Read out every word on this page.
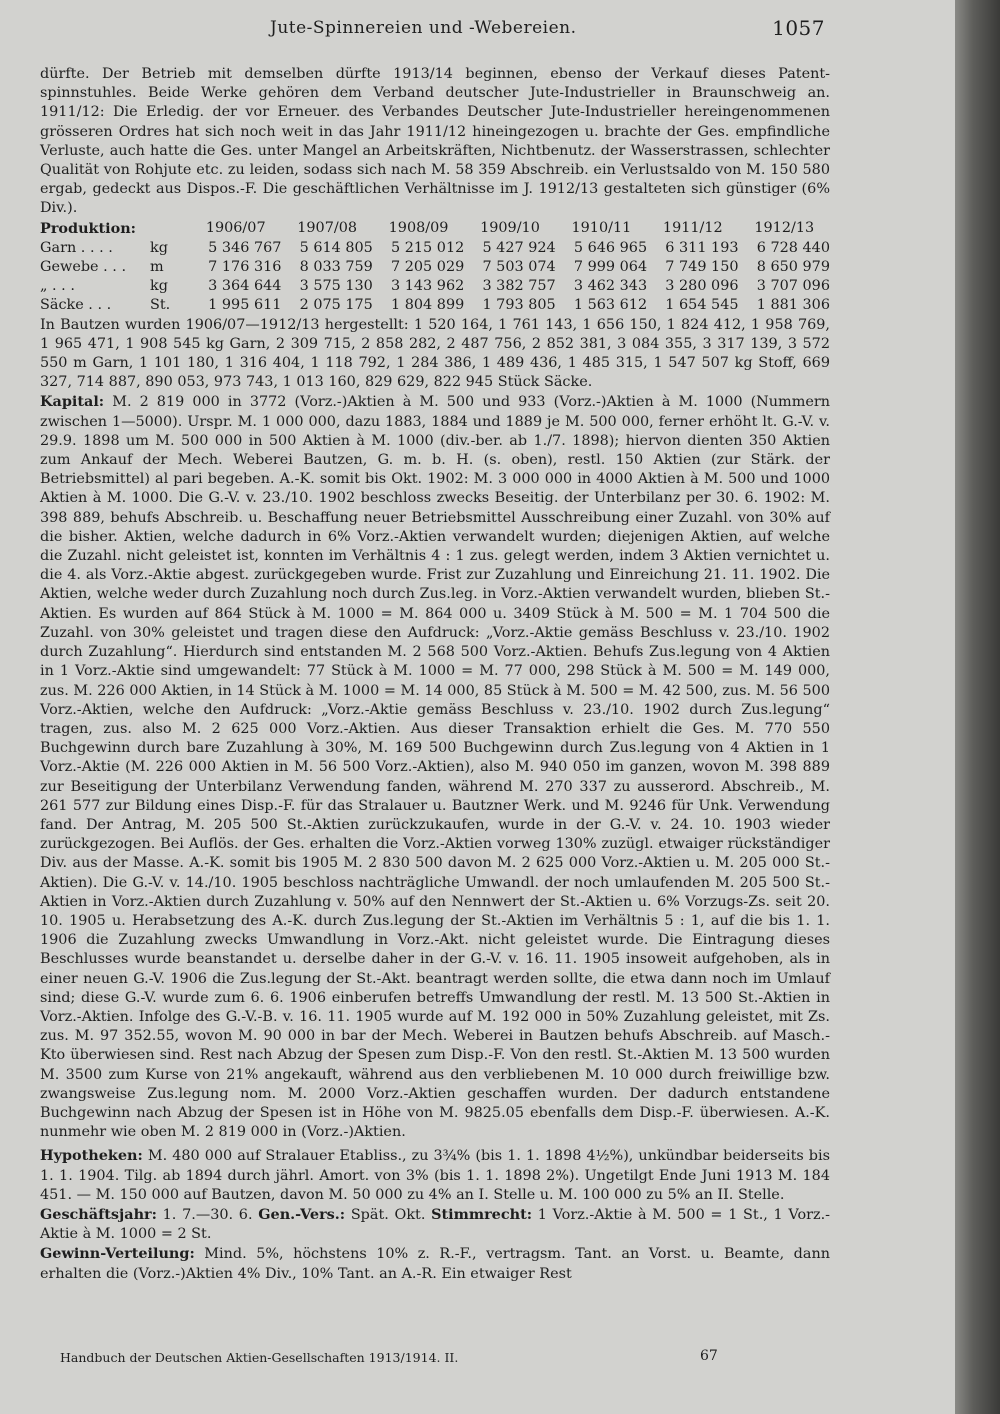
Jute-Spinnereien und -Webereien.	1057

dürfte. Der Betrieb mit demselben dürfte 1913/14 beginnen, ebenso der Verkauf dieses Patent-spinnstuhles. Beide Werke gehören dem Verband deutscher Jute-Industrieller in Braunschweig an. 1911/12: Die Erledig. der vor Erneuer. des Verbandes Deutscher Jute-Industrieller hereingenommenen grösseren Ordres hat sich noch weit in das Jahr 1911/12 hineingezogen u. brachte der Ges. empfindliche Verluste, auch hatte die Ges. unter Mangel an Arbeitskräften, Nichtbenutz. der Wasserstrassen, schlechter Qualität von Rohjute etc. zu leiden, sodass sich nach M. 58 359 Abschreib. ein Verlustsaldo von M. 150 580 ergab, gedeckt aus Dispos.-F. Die geschäftlichen Verhältnisse im J. 1912/13 gestalteten sich günstiger (6% Div.).

Produktion:		1906/07	1907/08	1908/09	1909/10	1910/11	1911/12	1912/13
Garn . . . .	kg	5 346 767	5 614 805	5 215 012	5 427 924	5 646 965	6 311 193	6 728 440
Gewebe . . .	m	7 176 316	8 033 759	7 205 029	7 503 074	7 999 064	7 749 150	8 650 979
„ . . .	kg	3 364 644	3 575 130	3 143 962	3 382 757	3 462 343	3 280 096	3 707 096
Säcke . . .	St.	1 995 611	2 075 175	1 804 899	1 793 805	1 563 612	1 654 545	1 881 306

In Bautzen wurden 1906/07—1912/13 hergestellt: 1 520 164, 1 761 143, 1 656 150, 1 824 412, 1 958 769, 1 965 471, 1 908 545 kg Garn, 2 309 715, 2 858 282, 2 487 756, 2 852 381, 3 084 355, 3 317 139, 3 572 550 m Garn, 1 101 180, 1 316 404, 1 118 792, 1 284 386, 1 489 436, 1 485 315, 1 547 507 kg Stoff, 669 327, 714 887, 890 053, 973 743, 1 013 160, 829 629, 822 945 Stück Säcke.

Kapital: M. 2 819 000 in 3772 (Vorz.-)Aktien à M. 500 und 933 (Vorz.-)Aktien à M. 1000 (Nummern zwischen 1—5000). Urspr. M. 1 000 000, dazu 1883, 1884 und 1889 je M. 500 000, ferner erhöht lt. G.-V. v. 29.9. 1898 um M. 500 000 in 500 Aktien à M. 1000 (div.-ber. ab 1./7. 1898); hiervon dienten 350 Aktien zum Ankauf der Mech. Weberei Bautzen, G. m. b. H. (s. oben), restl. 150 Aktien (zur Stärk. der Betriebsmittel) al pari begeben. A.-K. somit bis Okt. 1902: M. 3 000 000 in 4000 Aktien à M. 500 und 1000 Aktien à M. 1000. Die G.-V. v. 23./10. 1902 beschloss zwecks Beseitig. der Unterbilanz per 30. 6. 1902: M. 398 889, behufs Abschreib. u. Beschaffung neuer Betriebsmittel Ausschreibung einer Zuzahl. von 30% auf die bisher. Aktien, welche dadurch in 6% Vorz.-Aktien verwandelt wurden; diejenigen Aktien, auf welche die Zuzahl. nicht geleistet ist, konnten im Verhältnis 4 : 1 zus. gelegt werden, indem 3 Aktien vernichtet u. die 4. als Vorz.-Aktie abgest. zurückgegeben wurde. Frist zur Zuzahlung und Einreichung 21. 11. 1902. Die Aktien, welche weder durch Zuzahlung noch durch Zus.leg. in Vorz.-Aktien verwandelt wurden, blieben St.-Aktien. Es wurden auf 864 Stück à M. 1000 = M. 864 000 u. 3409 Stück à M. 500 = M. 1 704 500 die Zuzahl. von 30% geleistet und tragen diese den Aufdruck: „Vorz.-Aktie gemäss Beschluss v. 23./10. 1902 durch Zuzahlung“. Hierdurch sind entstanden M. 2 568 500 Vorz.-Aktien. Behufs Zus.legung von 4 Aktien in 1 Vorz.-Aktie sind umgewandelt: 77 Stück à M. 1000 = M. 77 000, 298 Stück à M. 500 = M. 149 000, zus. M. 226 000 Aktien, in 14 Stück à M. 1000 = M. 14 000, 85 Stück à M. 500 = M. 42 500, zus. M. 56 500 Vorz.-Aktien, welche den Aufdruck: „Vorz.-Aktie gemäss Beschluss v. 23./10. 1902 durch Zus.legung“ tragen, zus. also M. 2 625 000 Vorz.-Aktien. Aus dieser Transaktion erhielt die Ges. M. 770 550 Buchgewinn durch bare Zuzahlung à 30%, M. 169 500 Buchgewinn durch Zus.legung von 4 Aktien in 1 Vorz.-Aktie (M. 226 000 Aktien in M. 56 500 Vorz.-Aktien), also M. 940 050 im ganzen, wovon M. 398 889 zur Beseitigung der Unterbilanz Verwendung fanden, während M. 270 337 zu ausserord. Abschreib., M. 261 577 zur Bildung eines Disp.-F. für das Stralauer u. Bautzner Werk. und M. 9246 für Unk. Verwendung fand. Der Antrag, M. 205 500 St.-Aktien zurückzukaufen, wurde in der G.-V. v. 24. 10. 1903 wieder zurückgezogen. Bei Auflös. der Ges. erhalten die Vorz.-Aktien vorweg 130% zuzügl. etwaiger rückständiger Div. aus der Masse. A.-K. somit bis 1905 M. 2 830 500 davon M. 2 625 000 Vorz.-Aktien u. M. 205 000 St.-Aktien). Die G.-V. v. 14./10. 1905 beschloss nachträgliche Umwandl. der noch umlaufenden M. 205 500 St.-Aktien in Vorz.-Aktien durch Zuzahlung v. 50% auf den Nennwert der St.-Aktien u. 6% Vorzugs-Zs. seit 20. 10. 1905 u. Herabsetzung des A.-K. durch Zus.legung der St.-Aktien im Verhältnis 5 : 1, auf die bis 1. 1. 1906 die Zuzahlung zwecks Umwandlung in Vorz.-Akt. nicht geleistet wurde. Die Eintragung dieses Beschlusses wurde beanstandet u. derselbe daher in der G.-V. v. 16. 11. 1905 insoweit aufgehoben, als in einer neuen G.-V. 1906 die Zus.legung der St.-Akt. beantragt werden sollte, die etwa dann noch im Umlauf sind; diese G.-V. wurde zum 6. 6. 1906 einberufen betreffs Umwandlung der restl. M. 13 500 St.-Aktien in Vorz.-Aktien. Infolge des G.-V.-B. v. 16. 11. 1905 wurde auf M. 192 000 in 50% Zuzahlung geleistet, mit Zs. zus. M. 97 352.55, wovon M. 90 000 in bar der Mech. Weberei in Bautzen behufs Abschreib. auf Masch.-Kto überwiesen sind. Rest nach Abzug der Spesen zum Disp.-F. Von den restl. St.-Aktien M. 13 500 wurden M. 3500 zum Kurse von 21% angekauft, während aus den verbliebenen M. 10 000 durch freiwillige bzw. zwangsweise Zus.legung nom. M. 2000 Vorz.-Aktien geschaffen wurden. Der dadurch entstandene Buchgewinn nach Abzug der Spesen ist in Höhe von M. 9825.05 ebenfalls dem Disp.-F. überwiesen. A.-K. nunmehr wie oben M. 2 819 000 in (Vorz.-)Aktien.

Hypotheken: M. 480 000 auf Stralauer Etabliss., zu 3¾% (bis 1. 1. 1898 4½%), unkündbar beiderseits bis 1. 1. 1904. Tilg. ab 1894 durch jährl. Amort. von 3% (bis 1. 1. 1898 2%). Ungetilgt Ende Juni 1913 M. 184 451. — M. 150 000 auf Bautzen, davon M. 50 000 zu 4% an I. Stelle u. M. 100 000 zu 5% an II. Stelle.

Geschäftsjahr: 1. 7.—30. 6. Gen.-Vers.: Spät. Okt. Stimmrecht: 1 Vorz.-Aktie à M. 500 = 1 St., 1 Vorz.-Aktie à M. 1000 = 2 St.

Gewinn-Verteilung: Mind. 5%, höchstens 10% z. R.-F., vertragsm. Tant. an Vorst. u. Beamte, dann erhalten die (Vorz.-)Aktien 4% Div., 10% Tant. an A.-R. Ein etwaiger Rest

Handbuch der Deutschen Aktien-Gesellschaften 1913/1914. II.	67
